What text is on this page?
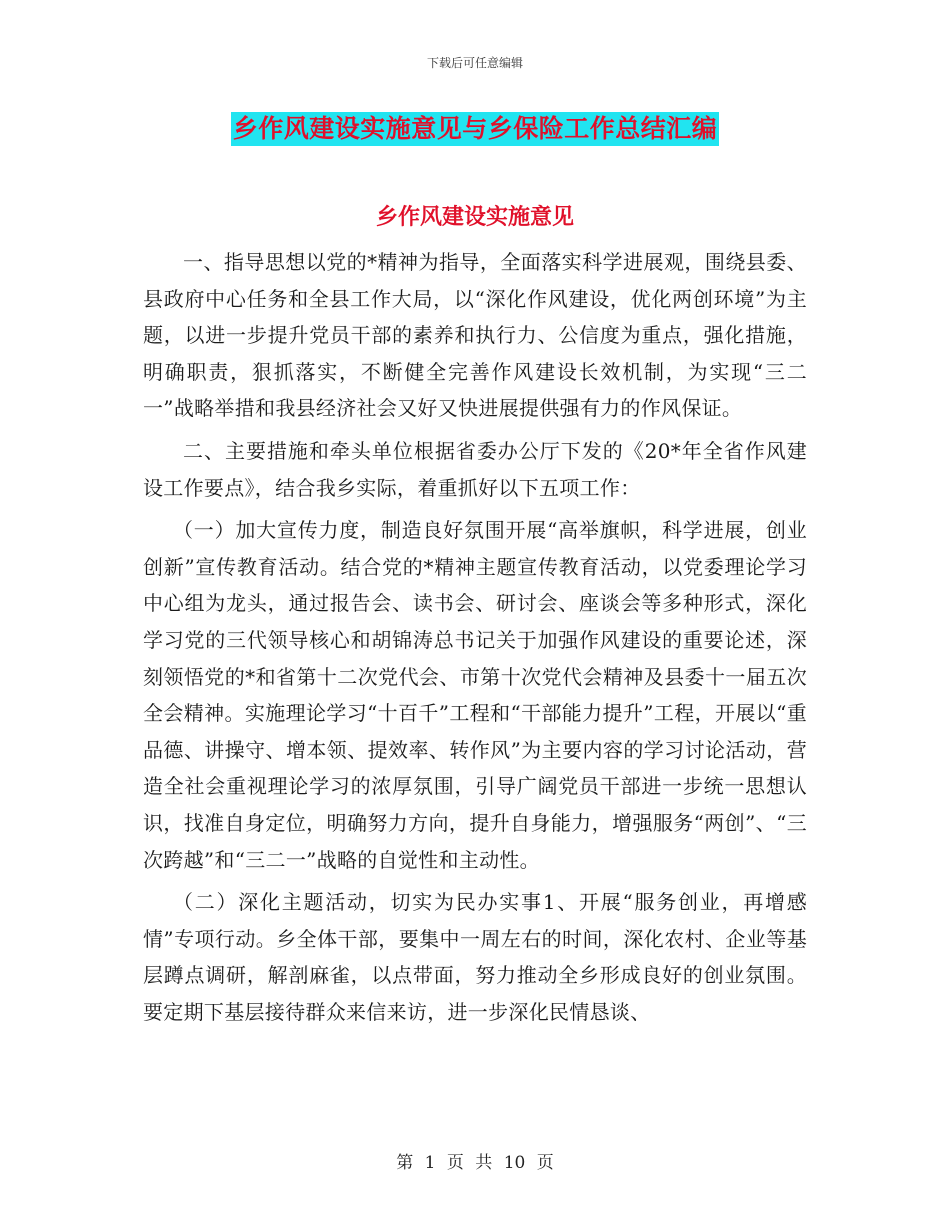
下载后可任意编辑
乡作风建设实施意见与乡保险工作总结汇编
乡作风建设实施意见

一、指导思想以党的*精神为指导，全面落实科学进展观，围绕县委、县政府中心任务和全县工作大局，以“深化作风建设，优化两创环境”为主题，以进一步提升党员干部的素养和执行力、公信度为重点，强化措施，明确职责，狠抓落实，不断健全完善作风建设长效机制，为实现“三二一”战略举措和我县经济社会又好又快进展提供强有力的作风保证。

二、主要措施和牵头单位根据省委办公厅下发的《20*年全省作风建设工作要点》，结合我乡实际，着重抓好以下五项工作：

（一）加大宣传力度，制造良好氛围开展“高举旗帜，科学进展，创业创新”宣传教育活动。结合党的*精神主题宣传教育活动，以党委理论学习中心组为龙头，通过报告会、读书会、研讨会、座谈会等多种形式，深化学习党的三代领导核心和胡锦涛总书记关于加强作风建设的重要论述，深刻领悟党的*和省第十二次党代会、市第十次党代会精神及县委十一届五次全会精神。实施理论学习“十百千”工程和“干部能力提升”工程，开展以“重品德、讲操守、增本领、提效率、转作风”为主要内容的学习讨论活动，营造全社会重视理论学习的浓厚氛围，引导广阔党员干部进一步统一思想认识，找准自身定位，明确努力方向，提升自身能力，增强服务“两创”、“三次跨越”和“三二一”战略的自觉性和主动性。

（二）深化主题活动，切实为民办实事1、开展“服务创业，再增感情”专项行动。乡全体干部，要集中一周左右的时间，深化农村、企业等基层蹲点调研，解剖麻雀，以点带面，努力推动全乡形成良好的创业氛围。要定期下基层接待群众来信来访，进一步深化民情恳谈、

第 1 页 共 10 页
